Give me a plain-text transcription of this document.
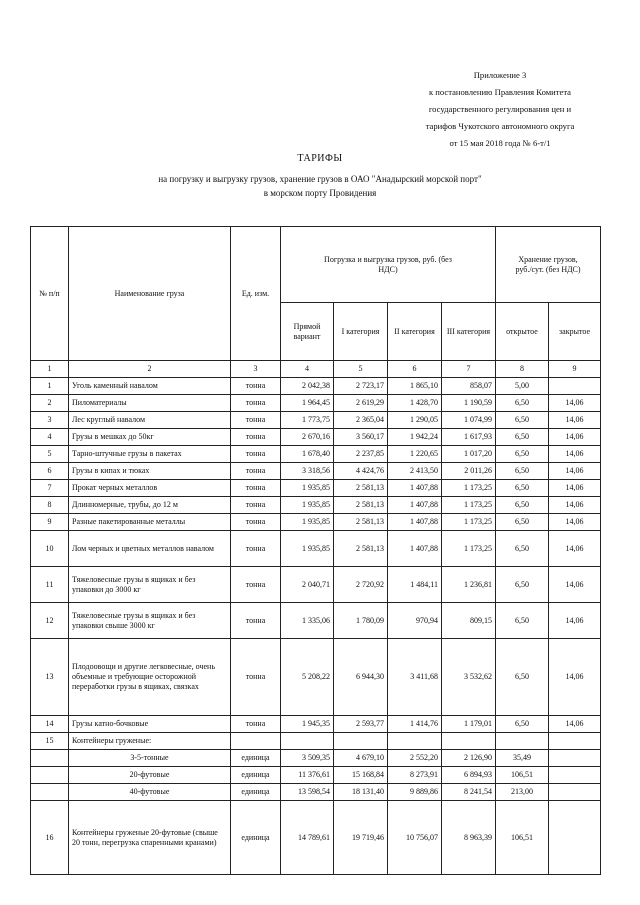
Приложение 3
к постановлению Правления Комитета
государственного регулирования цен и
тарифов Чукотского автономного округа
от 15 мая 2018 года № 6-т/1
ТАРИФЫ
на погрузку и выгрузку грузов, хранение грузов в ОАО "Анадырский морской порт"
в морском порту Провидения
№ п/п	Наименование груза	Ед. изм.	Погрузка и выгрузка грузов, руб. (без НДС)				Хранение грузов, руб./сут. (без НДС)	
			Прямой вариант	I категория	II категория	III категория	открытое	закрытое
1	2	3	4	5	6	7	8	9
1	Уголь каменный навалом	тонна	2 042,38	2 723,17	1 865,10	858,07	5,00	
2	Пиломатериалы	тонна	1 964,45	2 619,29	1 428,70	1 190,59	6,50	14,06
3	Лес круглый навалом	тонна	1 773,75	2 365,04	1 290,05	1 074,99	6,50	14,06
4	Грузы в мешках до 50кг	тонна	2 670,16	3 560,17	1 942,24	1 617,93	6,50	14,06
5	Тарно-штучные грузы в пакетах	тонна	1 678,40	2 237,85	1 220,65	1 017,20	6,50	14,06
6	Грузы в кипах и тюках	тонна	3 318,56	4 424,76	2 413,50	2 011,26	6,50	14,06
7	Прокат черных металлов	тонна	1 935,85	2 581,13	1 407,88	1 173,25	6,50	14,06
8	Длинномерные, трубы, до 12 м	тонна	1 935,85	2 581,13	1 407,88	1 173,25	6,50	14,06
9	Разные пакетированные металлы	тонна	1 935,85	2 581,13	1 407,88	1 173,25	6,50	14,06
10	Лом черных и цветных металлов навалом	тонна	1 935,85	2 581,13	1 407,88	1 173,25	6,50	14,06
11	Тяжеловесные грузы в ящиках и без упаковки до 3000 кг	тонна	2 040,71	2 720,92	1 484,11	1 236,81	6,50	14,06
12	Тяжеловесные грузы в ящиках и без упаковки свыше 3000 кг	тонна	1 335,06	1 780,09	970,94	809,15	6,50	14,06
13	Плодоовощи и другие легковесные, очень объемные и требующие осторожной переработки грузы в ящиках, связках	тонна	5 208,22	6 944,30	3 411,68	3 532,62	6,50	14,06
14	Грузы катно-бочковые	тонна	1 945,35	2 593,77	1 414,76	1 179,01	6,50	14,06
15	Контейнеры груженые:							
	3-5-тонные	единица	3 509,35	4 679,10	2 552,20	2 126,90	35,49	
	20-футовые	единица	11 376,61	15 168,84	8 273,91	6 894,93	106,51	
	40-футовые	единица	13 598,54	18 131,40	9 889,86	8 241,54	213,00	
16	Контейнеры груженые 20-футовые (свыше 20 тонн, перегрузка спаренными кранами)	единица	14 789,61	19 719,46	10 756,07	8 963,39	106,51	
